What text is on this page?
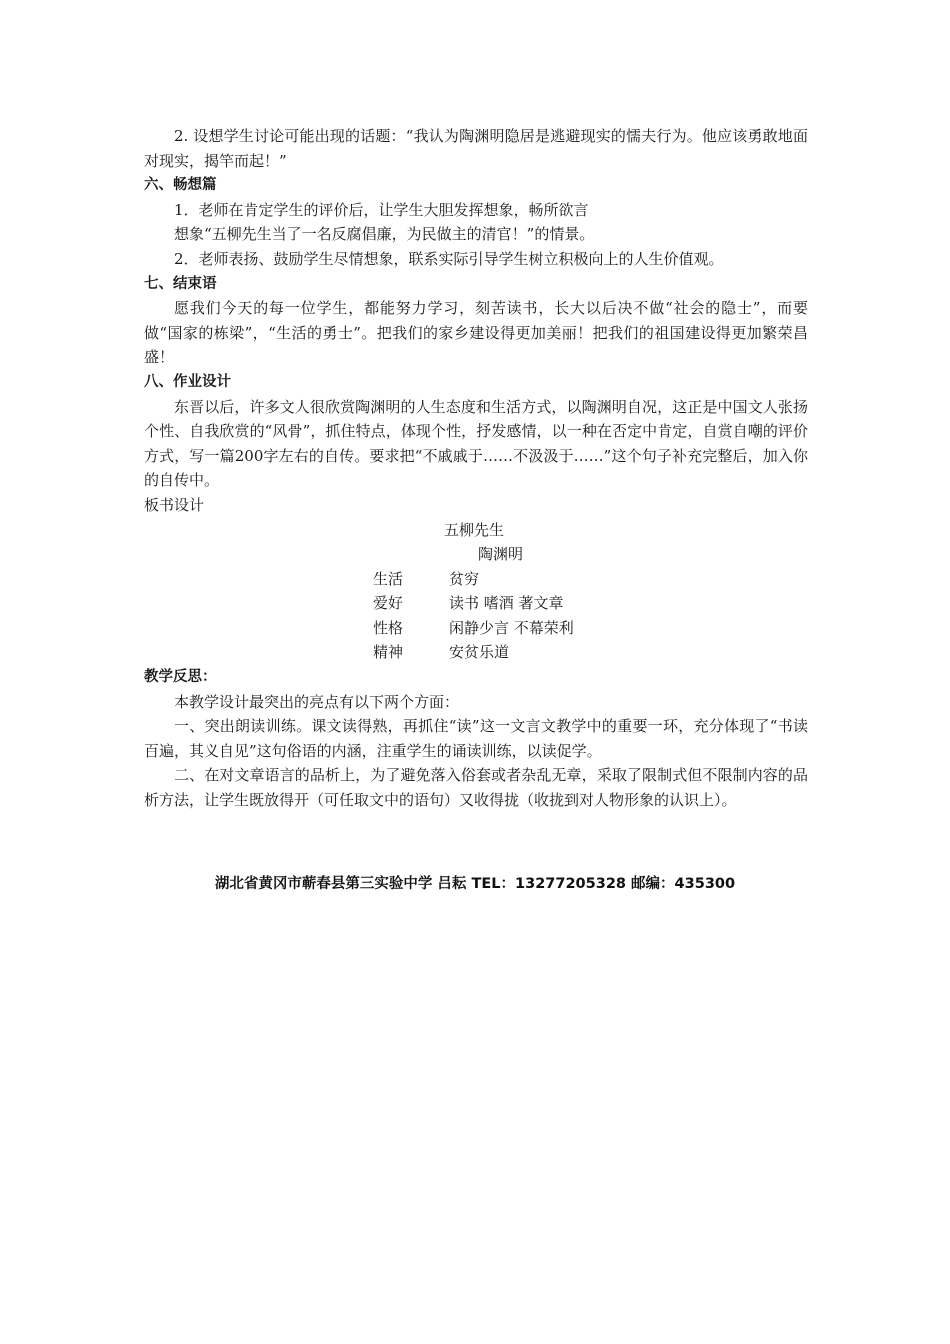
2. 设想学生讨论可能出现的话题：“我认为陶渊明隐居是逃避现实的懦夫行为。他应该勇敢地面对现实，揭竿而起！”

六、畅想篇

1．老师在肯定学生的评价后，让学生大胆发挥想象，畅所欲言

想象“五柳先生当了一名反腐倡廉，为民做主的清官！”的情景。

2．老师表扬、鼓励学生尽情想象，联系实际引导学生树立积极向上的人生价值观。

七、结束语

愿我们今天的每一位学生，都能努力学习，刻苦读书，长大以后决不做“社会的隐士”，而要做“国家的栋梁”，“生活的勇士”。把我们的家乡建设得更加美丽！把我们的祖国建设得更加繁荣昌盛！

八、作业设计

东晋以后，许多文人很欣赏陶渊明的人生态度和生活方式，以陶渊明自况，这正是中国文人张扬个性、自我欣赏的“风骨”，抓住特点，体现个性，抒发感情，以一种在否定中肯定，自赏自嘲的评价方式，写一篇200字左右的自传。要求把“不戚戚于……不汲汲于……”这个句子补充完整后，加入你的自传中。

板书设计

五柳先生

陶渊明

生活	贫穷
爱好	读书 嗜酒 著文章
性格	闲静少言 不幕荣利
精神	安贫乐道

教学反思：

本教学设计最突出的亮点有以下两个方面：

一、突出朗读训练。课文读得熟，再抓住“读”这一文言文教学中的重要一环，充分体现了“书读百遍，其义自见”这句俗语的内涵，注重学生的诵读训练，以读促学。

二、在对文章语言的品析上，为了避免落入俗套或者杂乱无章，采取了限制式但不限制内容的品析方法，让学生既放得开（可任取文中的语句）又收得拢（收拢到对人物形象的认识上）。

湖北省黄冈市蕲春县第三实验中学 吕耘 TEL：13277205328 邮编：435300
